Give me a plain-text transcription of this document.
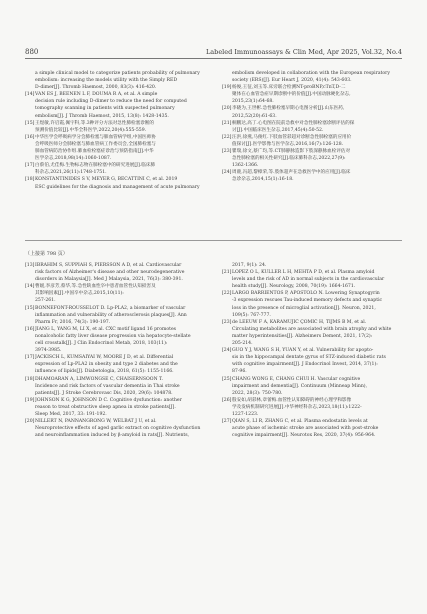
880	Labeled Immunoassays & Clin Med, Apr 2025, Vol.32, No.4
a simple clinical model to categorize patients probability of pulmonary
embolism: increasing the models utility with the Simply RED
D-dimer[J]. Thromb Haemost, 2000, 83(3): 416-420.
[14] VAN ES J, BEENEN L F, DOUMA R A, et al. A simple
decision rule including D-dimer to reduce the need for computed
tomography scanning in patients with suspected pulmonary
embolism[J]. J Thromb Haemost, 2015, 13(8): 1428-1435.
[15] 王煜敏,许启霞,佩宇科,等.3种评分方法对急性肺栓塞诊断的
预测价值比较[J].中华全科医学,2022,20(4):555-559.
[16] 中华医学会呼吸病学分会肺栓塞与肺血管病学组,中国医师协
会呼吸医师分会肺栓塞与肺血管病工作委员会,全国肺栓塞与
肺血管病防治协作组.肺血栓栓塞症诊治与预防指南[J].中华
医学杂志,2018,98(14):1060-1087.
[17] 白蔡伯,尤佳梅.生物标志物在肺栓塞中的研究进展[J].临床肺
科杂志,2021,26(11):1748-1751.
[18] KONSTANTINIDES S V, MEYER G, BECATTINI C, et al. 2019
ESC guidelines for the diagnosis and management of acute pulmonary
embolism developed in collaboration with the European respiratory
society (ERS)[J]. Eur Heart J, 2020, 41(4): 543-603.
[19] 杨俊,王征,刘玉等.床旁联合检测NT-proBNP,cTnT,D-二
聚体在心血管急症早期诊断中的价值[J].中国动脉硬化杂志,
2015,23(1):64-68.
[20] 李晓为,王世彬.急性肺栓塞早期心电图分析[J].山东医药,
2012,52(20):61-63.
[21] 桐鹏达,高丁.心电图在院前急救中对急性肺栓塞诊断评估的探
讨[J].中国临床医生杂志,2017,45(4):50-52.
[22] 汪洪,徐燕,马俊红.下肢血管彩超对诊断急性肺栓塞的应用价
值探讨[J].医学影像与医学杂志,2016,16(7):126-128.
[23] 瞿瑞,徐文,蔡广均,等.CT肺静脉造影下肢深静脉血栓评估对
急性肺栓塞的相关性研究[J].临床肺科杂志,2022,27(9):
1362-1366.
[24] 周鹿,冯超,黎樟荣,等.肢体超声在急救医学中的应用[J].临床
急诊杂志,2014,15(1):16-18.
（上接第 798 页）
[13] IBRAHIM S, SUPPIAH S, PIERSSON A D, et al. Cardiovascular
risk factors of Alzheimer's disease and other neurodegenerative
disorders in Malaysia[J]. Med J Malaysia, 2021, 76(3): 380-391.
[14] 曹媛,李彦芳,蔡华,等.急性缺血性卒中患者血管性认知损害及
其影响因素[J].中国卒中杂志,2015,10(11):
257-261.
[15] BONNEFONT-ROUSSELOT D. Lp-PLA2, a biomarker of vascular
inflammation and vulnerability of atherosclerosis plaques[J]. Ann
Pharm Fr, 2016, 74(3): 190-197.
[16] JIANG L, YANG M, LI X, et al. CXC motif ligand 16 promotes
nonalcoholic fatty liver disease progression via hepatocyte-stellate
cell crosstalk[J]. J Clin Endocrinol Metab, 2018, 103(11):
3974-3985.
[17] JACKISCH L, KUMSAIYAI W, MOORE J D, et al. Differential
expression of Lp-PLA2 in obesity and type 2 diabetes and the
influence of lipids[J]. Diabetologia, 2018, 61(5): 1155-1166.
[18] DHAMOARAN A, LIMWONGSE C, CHAISERNSOON T.
Incidence and risk factors of vascular dementia in Thai stroke
patients[J]. J Stroke Cerebrovasc Dis, 2020, 29(6): 104878.
[19] JOHNSON K G, JOHNSON D C. Cognitive dysfunction: another
reason to treat obstructive sleep apnea in stroke patients[J].
Sleep Med, 2017, 33: 191-192.
[20] NILLERT N, PANNANGRONG W, WELBAT J U, et al.
Neuroprotective effects of aged garlic extract on cognitive dysfunction
and neuroinflammation induced by β-amyloid in rats[J]. Nutrients,
2017, 9(1): 24.
[21] LOPEZ O L, KULLER L H, MEHTA P D, et al. Plasma amyloid
levels and the risk of AD in normal subjects in the cardiovascular
health study[J]. Neurology, 2008, 70(19): 1664-1671.
[22] LARGO BARRIENTOS P, APOSTOLO N. Lowering Synaptogyrin
-3 expression rescues Tau-induced memory defects and synaptic
loss in the presence of microglial activation[J]. Neuron, 2021,
109(5): 767-777.
[23] de LEEUW F A, KARAMUJIĆ ÇOMIĆ H, TIJMS B M, et al.
Circulating metabolites are associated with brain atrophy and white
matter hyperintensities[J]. Alzheimers Dement, 2021, 17(2):
205-214.
[24] GUO Y J, WANG S H, YUAN Y, et al. Vulnerability for apopto-
sis in the hippocampal dentate gyrus of STZ-induced diabetic rats
with cognitive impairment[J]. J Endocrinol Invest, 2014, 37(1):
87-96.
[25] CHANG WONG E, CHANG CHUI H. Vascular cognitive
impairment and dementia[J]. Continuum (Minneap Minn),
2022, 28(3): 750-780.
[26] 殷安如,胡彩林,章蕾梅.血管性认知障碍的神经心理学和影像
学及发病机制研究进展[J].中华神经科杂志,2023,18(11):1222-
1227-1223.
[27] QIAN S, LI R, ZHANG C, et al. Plasma endostatin levels at
acute phase of ischemic stroke are associated with post-stroke
cognitive impairment[J]. Neurotox Res, 2020, 37(4): 956-964.
